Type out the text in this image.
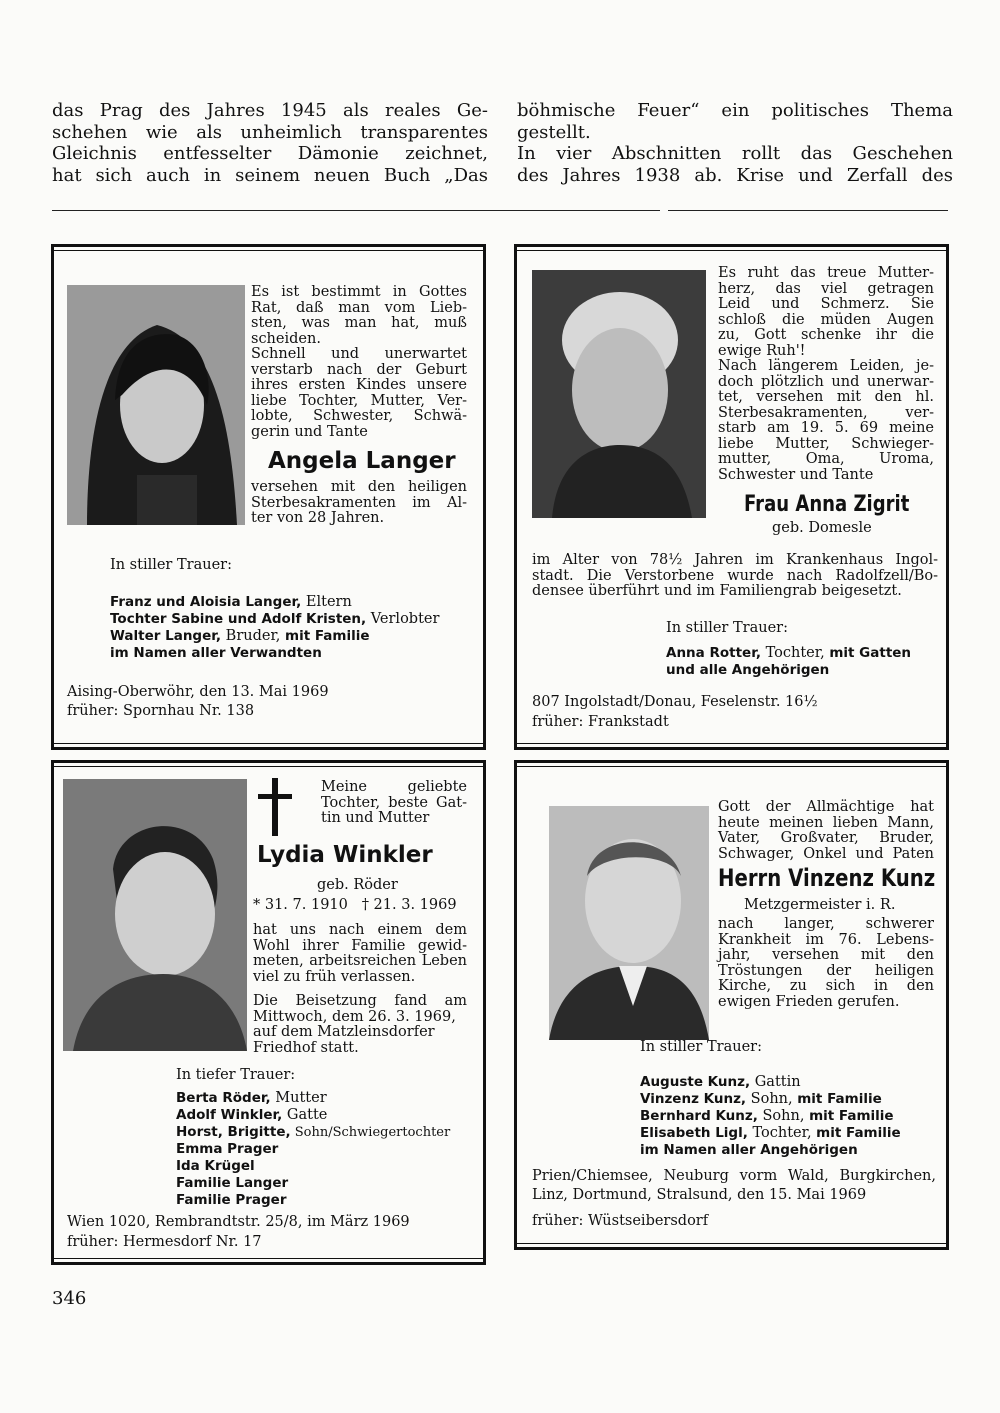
das Prag des Jahres 1945 als reales Ge-
schehen wie als unheimlich transparentes
Gleichnis entfesselter Dämonie zeichnet,
hat sich auch in seinem neuen Buch „Das
böhmische Feuer“ ein politisches Thema
gestellt.
In vier Abschnitten rollt das Geschehen
des Jahres 1938 ab. Krise und Zerfall des
Es ist bestimmt in Gottes
Rat, daß man vom Lieb-
sten, was man hat, muß
scheiden.
Schnell und unerwartet
verstarb nach der Geburt
ihres ersten Kindes unsere
liebe Tochter, Mutter, Ver-
lobte, Schwester, Schwä-
gerin und Tante
Angela Langer
versehen mit den heiligen
Sterbesakramenten im Al-
ter von 28 Jahren.
In stiller Trauer:
Franz und Aloisia Langer, Eltern
Tochter Sabine und Adolf Kristen, Verlobter
Walter Langer, Bruder, mit Familie
im Namen aller Verwandten
Aising-Oberwöhr, den 13. Mai 1969
früher: Spornhau Nr. 138
Es ruht das treue Mutter-
herz, das viel getragen
Leid und Schmerz. Sie
schloß die müden Augen
zu, Gott schenke ihr die
ewige Ruh'!
Nach längerem Leiden, je-
doch plötzlich und unerwar-
tet, versehen mit den hl.
Sterbesakramenten, ver-
starb am 19. 5. 69 meine
liebe Mutter, Schwieger-
mutter, Oma, Uroma,
Schwester und Tante
Frau Anna Zigrit
geb. Domesle
im Alter von 78½ Jahren im Krankenhaus Ingol-
stadt. Die Verstorbene wurde nach Radolfzell/Bo-
densee überführt und im Familiengrab beigesetzt.
In stiller Trauer:
Anna Rotter, Tochter, mit Gatten
und alle Angehörigen
807 Ingolstadt/Donau, Feselenstr. 16½
früher: Frankstadt
Meine geliebte
Tochter, beste Gat-
tin und Mutter
Lydia Winkler
geb. Röder
* 31. 7. 1910   † 21. 3. 1969
hat uns nach einem dem
Wohl ihrer Familie gewid-
meten, arbeitsreichen Leben
viel zu früh verlassen.
Die Beisetzung fand am
Mittwoch, dem 26. 3. 1969,
auf dem Matzleinsdorfer
Friedhof statt.
In tiefer Trauer:
Berta Röder, Mutter
Adolf Winkler, Gatte
Horst, Brigitte, Sohn/Schwiegertochter
Emma Prager
Ida Krügel
Familie Langer
Familie Prager
Wien 1020, Rembrandtstr. 25/8, im März 1969
früher: Hermesdorf Nr. 17
Gott der Allmächtige hat
heute meinen lieben Mann,
Vater, Großvater, Bruder,
Schwager, Onkel und Paten
Herrn Vinzenz Kunz
Metzgermeister i. R.
nach langer, schwerer
Krankheit im 76. Lebens-
jahr, versehen mit den
Tröstungen der heiligen
Kirche, zu sich in den
ewigen Frieden gerufen.
In stiller Trauer:
Auguste Kunz, Gattin
Vinzenz Kunz, Sohn, mit Familie
Bernhard Kunz, Sohn, mit Familie
Elisabeth Ligl, Tochter, mit Familie
im Namen aller Angehörigen
Prien/Chiemsee, Neuburg vorm Wald, Burgkirchen,
Linz, Dortmund, Stralsund, den 15. Mai 1969
früher: Wüstseibersdorf
346
